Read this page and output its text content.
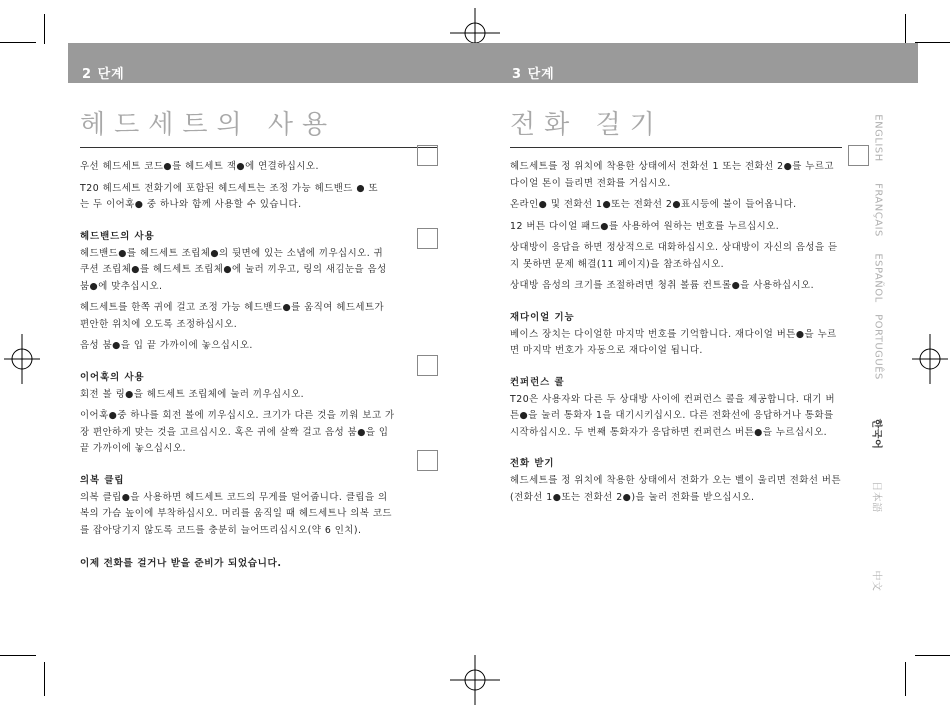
2 단계	3 단계
헤드세트의 사용

우선 헤드세트 코드●를 헤드세트 잭●에 연결하십시오.

T20 헤드세트 전화기에 포함된 헤드세트는 조정 가능 헤드밴드 ● 또는 두 이어훅● 중 하나와 함께 사용할 수 있습니다.

헤드밴드의 사용

헤드밴드●를 헤드세트 조립체●의 뒷면에 있는 소냅에 끼우십시오. 귀 쿠션 조립체●를 헤드세트 조립체●에 눌러 끼우고, 링의 새김눈을 음성 붐●에 맞추십시오.

헤드세트를 한쪽 귀에 걸고 조정 가능 헤드밴드●를 움직여 헤드세트가 편안한 위치에 오도록 조정하십시오.

음성 붐●을 입 끝 가까이에 놓으십시오.

이어훅의 사용

회전 볼 링●을 헤드세트 조립체에 눌러 끼우십시오.

이어훅●중 하나를 회전 볼에 끼우십시오. 크기가 다른 것을 끼워 보고 가장 편안하게 맞는 것을 고르십시오. 혹은 귀에 살짝 걸고 음성 붐●을 입 끝 가까이에 놓으십시오.

의복 클립

의복 클립●을 사용하면 헤드세트 코드의 무게를 덜어줍니다. 클립을 의복의 가슴 높이에 부착하십시오. 머리를 움직일 때 헤드세트나 의복 코드를 잡아당기지 않도록 코드를 충분히 늘어뜨리십시오(약 6 인치).

이제 전화를 걸거나 받을 준비가 되었습니다.
전화 걸기

헤드세트를 정 위치에 착용한 상태에서 전화선 1 또는 전화선 2●를 누르고 다이얼 톤이 들리면 전화를 거십시오.

온라인● 및 전화선 1●또는 전화선 2●표시등에 불이 들어옵니다.

12 버튼 다이얼 패드●를 사용하여 원하는 번호를 누르십시오.

상대방이 응답을 하면 정상적으로 대화하십시오. 상대방이 자신의 음성을 듣지 못하면 문제 해결(11 페이지)을 참조하십시오.

상대방 음성의 크기를 조절하려면 청취 볼륨 컨트롤●을 사용하십시오.

재다이얼 기능

베이스 장치는 다이얼한 마지막 번호를 기억합니다. 재다이얼 버튼●을 누르면 마지막 번호가 자동으로 재다이얼 됩니다.

컨퍼런스 콜

T20은 사용자와 다른 두 상대방 사이에 컨퍼런스 콜을 제공합니다. 대기 버튼●을 눌러 통화자 1을 대기시키십시오. 다른 전화선에 응답하거나 통화를 시작하십시오. 두 번째 통화자가 응답하면 컨퍼런스 버튼●을 누르십시오.

전화 받기

헤드세트를 정 위치에 착용한 상태에서 전화가 오는 벨이 울리면 전화선 버튼(전화선 1●또는 전화선 2●)을 눌러 전화를 받으십시오.

ENGLISH
FRANÇAIS
ESPAÑOL
PORTUGUÊS
한국어
日本語
中文
